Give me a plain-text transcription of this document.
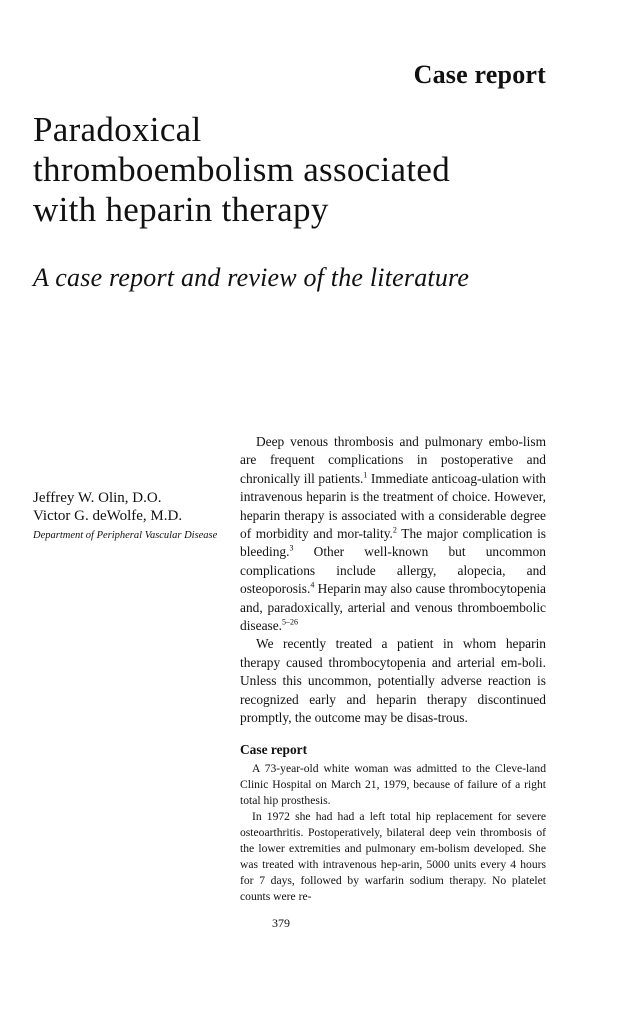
Case report
Paradoxical
thromboembolism associated
with heparin therapy
A case report and review of the literature
Jeffrey W. Olin, D.O.
Victor G. deWolfe, M.D.
Department of Peripheral Vascular Disease

Deep venous thrombosis and pulmonary embo-lism are frequent complications in postoperative and chronically ill patients.$^1$ Immediate anticoag-ulation with intravenous heparin is the treatment of choice. However, heparin therapy is associated with a considerable degree of morbidity and mor-tality.$^2$ The major complication is bleeding.$^3$ Other well-known but uncommon complications include allergy, alopecia, and osteoporosis.$^4$ Heparin may also cause thrombocytopenia and, paradoxically, arterial and venous thromboembolic disease.$^{5-26}$

We recently treated a patient in whom heparin therapy caused thrombocytopenia and arterial em-boli. Unless this uncommon, potentially adverse reaction is recognized early and heparin therapy discontinued promptly, the outcome may be disas-trous.

Case report

A 73-year-old white woman was admitted to the Cleve-land Clinic Hospital on March 21, 1979, because of failure of a right total hip prosthesis.

In 1972 she had had a left total hip replacement for severe osteoarthritis. Postoperatively, bilateral deep vein thrombosis of the lower extremities and pulmonary em-bolism developed. She was treated with intravenous hep-arin, 5000 units every 4 hours for 7 days, followed by warfarin sodium therapy. No platelet counts were re-

379
